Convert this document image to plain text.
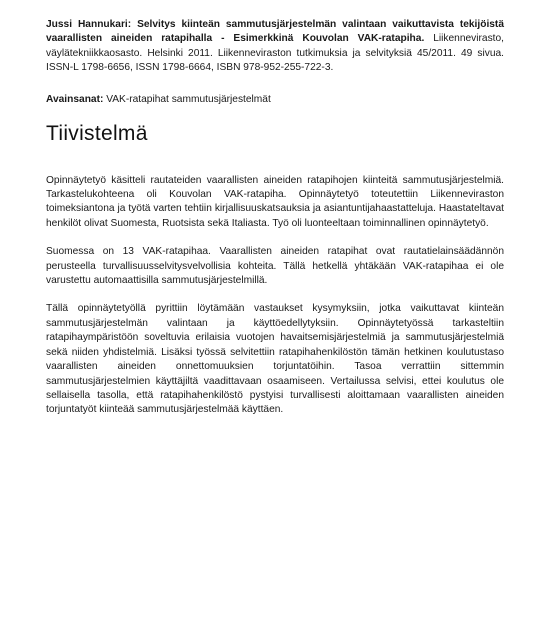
Jussi Hannukari: Selvitys kiinteän sammutusjärjestelmän valintaan vaikuttavista tekijöistä vaarallisten aineiden ratapihalla - Esimerkkinä Kouvolan VAK-ratapiha. Liikennevirasto, väylätekniikkaosasto. Helsinki 2011. Liikenneviraston tutkimuksia ja selvityksiä 45/2011. 49 sivua. ISSN-L 1798-6656, ISSN 1798-6664, ISBN 978-952-255-722-3.

Avainsanat: VAK-ratapihat sammutusjärjestelmät

Tiivistelmä

Opinnäytetyö käsitteli rautateiden vaarallisten aineiden ratapihojen kiinteitä sammutusjärjestelmiä. Tarkastelukohteena oli Kouvolan VAK-ratapiha. Opinnäytetyö toteutettiin Liikenneviraston toimeksiantona ja työtä varten tehtiin kirjallisuuskatsauksia ja asiantuntijahaastatteluja. Haastateltavat henkilöt olivat Suomesta, Ruotsista sekä Italiasta. Työ oli luonteeltaan toiminnallinen opinnäytetyö.

Suomessa on 13 VAK-ratapihaa. Vaarallisten aineiden ratapihat ovat rautatielainsäädännön perusteella turvallisuusselvitysvelvollisia kohteita. Tällä hetkellä yhtäkään VAK-ratapihaa ei ole varustettu automaattisilla sammutusjärjestelmillä.

Tällä opinnäytetyöllä pyrittiin löytämään vastaukset kysymyksiin, jotka vaikuttavat kiinteän sammutusjärjestelmän valintaan ja käyttöedellytyksiin. Opinnäytetyössä tarkasteltiin ratapihaympäristöön soveltuvia erilaisia vuotojen havaitsemisjärjestelmiä ja sammutusjärjestelmiä sekä niiden yhdistelmiä. Lisäksi työssä selvitettiin ratapihahenkilöstön tämän hetkinen koulutustaso vaarallisten aineiden onnettomuuksien torjuntatöihin. Tasoa verrattiin sittemmin sammutusjärjestelmien käyttäjiltä vaadittavaan osaamiseen. Vertailussa selvisi, ettei koulutus ole sellaisella tasolla, että ratapihahenkilöstö pystyisi turvallisesti aloittamaan vaarallisten aineiden torjuntatyöt kiinteää sammutusjärjestelmää käyttäen.
